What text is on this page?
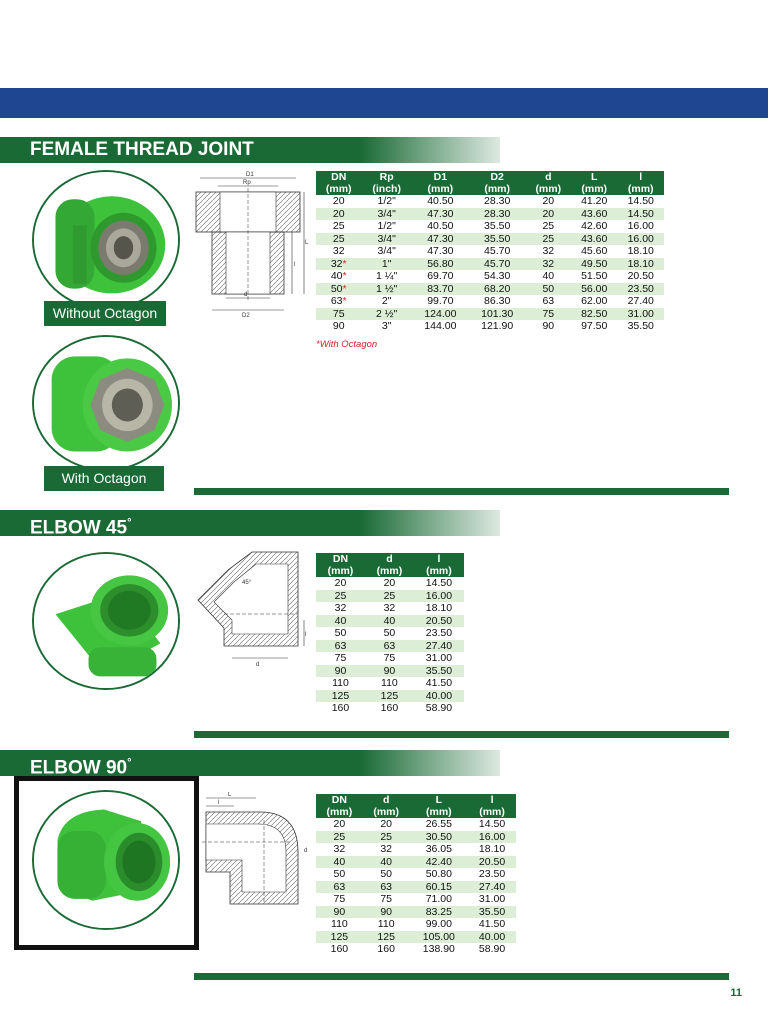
FEMALE THREAD JOINT
Without Octagon
With Octagon
D1
Rp
d
D2
l
L
DN	Rp	D1	D2	d	L	l
(mm)	(inch)	(mm)	(mm)	(mm)	(mm)	(mm)
20	1/2"	40.50	28.30	20	41.20	14.50
20	3/4"	47.30	28.30	20	43.60	14.50
25	1/2"	40.50	35.50	25	42.60	16.00
25	3/4"	47.30	35.50	25	43.60	16.00
32	3/4"	47.30	45.70	32	45.60	18.10
32*	1"	56.80	45.70	32	49.50	18.10
40*	1 ¼"	69.70	54.30	40	51.50	20.50
50*	1 ½"	83.70	68.20	50	56.00	23.50
63*	2"	99.70	86.30	63	62.00	27.40
75	2 ½"	124.00	101.30	75	82.50	31.00
90	3"	144.00	121.90	90	97.50	35.50
*With Octagon
ELBOW 45°
45°
l
d
DN	d	l
(mm)	(mm)	(mm)
20	20	14.50
25	25	16.00
32	32	18.10
40	40	20.50
50	50	23.50
63	63	27.40
75	75	31.00
90	90	35.50
110	110	41.50
125	125	40.00
160	160	58.90
ELBOW 90°
L
l
d
DN	d	L	l
(mm)	(mm)	(mm)	(mm)
20	20	26.55	14.50
25	25	30.50	16.00
32	32	36.05	18.10
40	40	42.40	20.50
50	50	50.80	23.50
63	63	60.15	27.40
75	75	71.00	31.00
90	90	83.25	35.50
110	110	99.00	41.50
125	125	105.00	40.00
160	160	138.90	58.90
11
